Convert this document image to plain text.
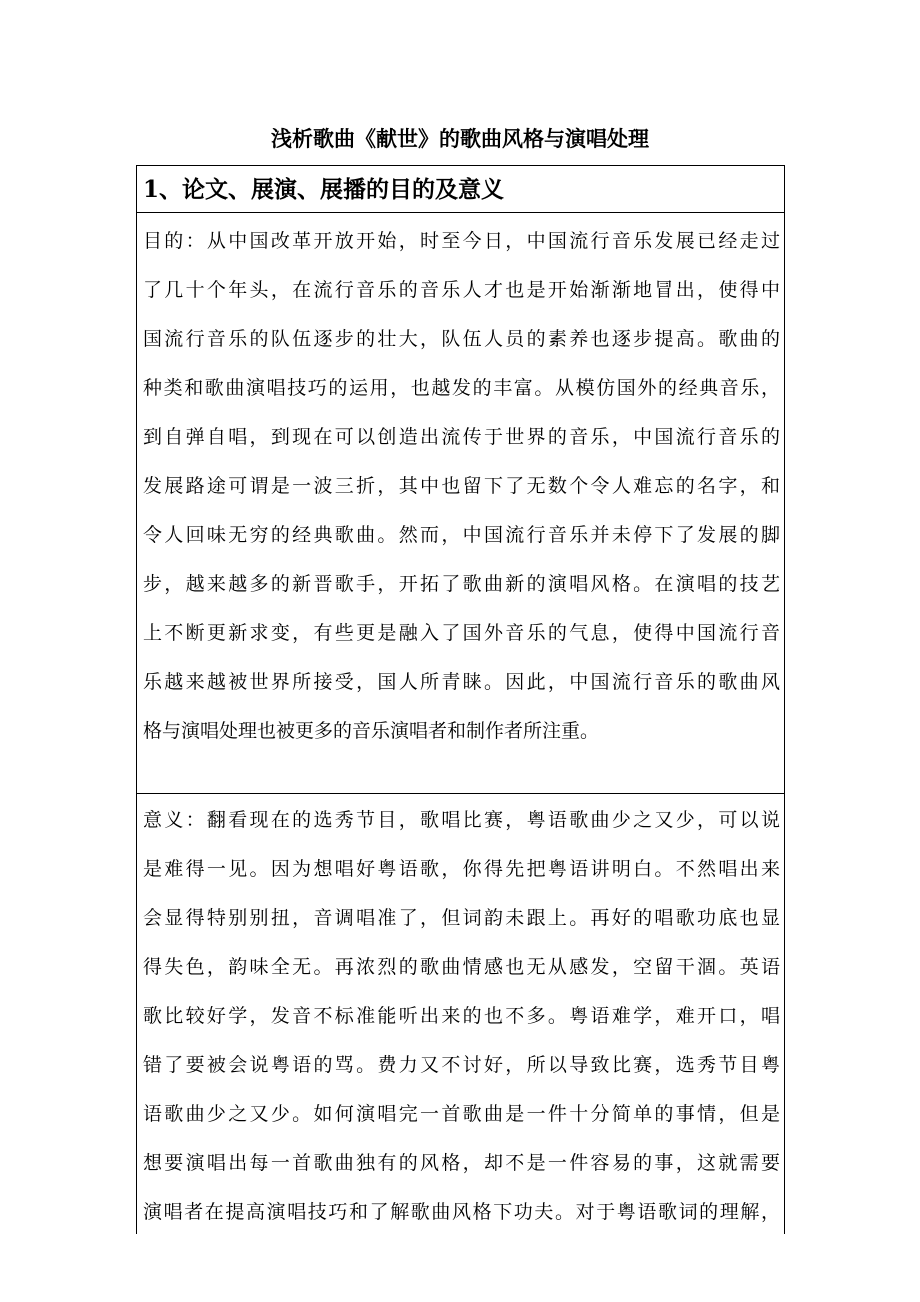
浅析歌曲《献世》的歌曲风格与演唱处理
1、论文、展演、展播的目的及意义
目的：从中国改革开放开始，时至今日，中国流行音乐发展已经走过
了几十个年头，在流行音乐的音乐人才也是开始渐渐地冒出，使得中
国流行音乐的队伍逐步的壮大，队伍人员的素养也逐步提高。歌曲的
种类和歌曲演唱技巧的运用，也越发的丰富。从模仿国外的经典音乐，
到自弹自唱，到现在可以创造出流传于世界的音乐，中国流行音乐的
发展路途可谓是一波三折，其中也留下了无数个令人难忘的名字，和
令人回味无穷的经典歌曲。然而，中国流行音乐并未停下了发展的脚
步，越来越多的新晋歌手，开拓了歌曲新的演唱风格。在演唱的技艺
上不断更新求变，有些更是融入了国外音乐的气息，使得中国流行音
乐越来越被世界所接受，国人所青睐。因此，中国流行音乐的歌曲风
格与演唱处理也被更多的音乐演唱者和制作者所注重。
意义：翻看现在的选秀节目，歌唱比赛，粤语歌曲少之又少，可以说
是难得一见。因为想唱好粤语歌，你得先把粤语讲明白。不然唱出来
会显得特别别扭，音调唱准了，但词韵未跟上。再好的唱歌功底也显
得失色，韵味全无。再浓烈的歌曲情感也无从感发，空留干涸。英语
歌比较好学，发音不标准能听出来的也不多。粤语难学，难开口，唱
错了要被会说粤语的骂。费力又不讨好，所以导致比赛，选秀节目粤
语歌曲少之又少。如何演唱完一首歌曲是一件十分简单的事情，但是
想要演唱出每一首歌曲独有的风格，却不是一件容易的事，这就需要
演唱者在提高演唱技巧和了解歌曲风格下功夫。对于粤语歌词的理解，
